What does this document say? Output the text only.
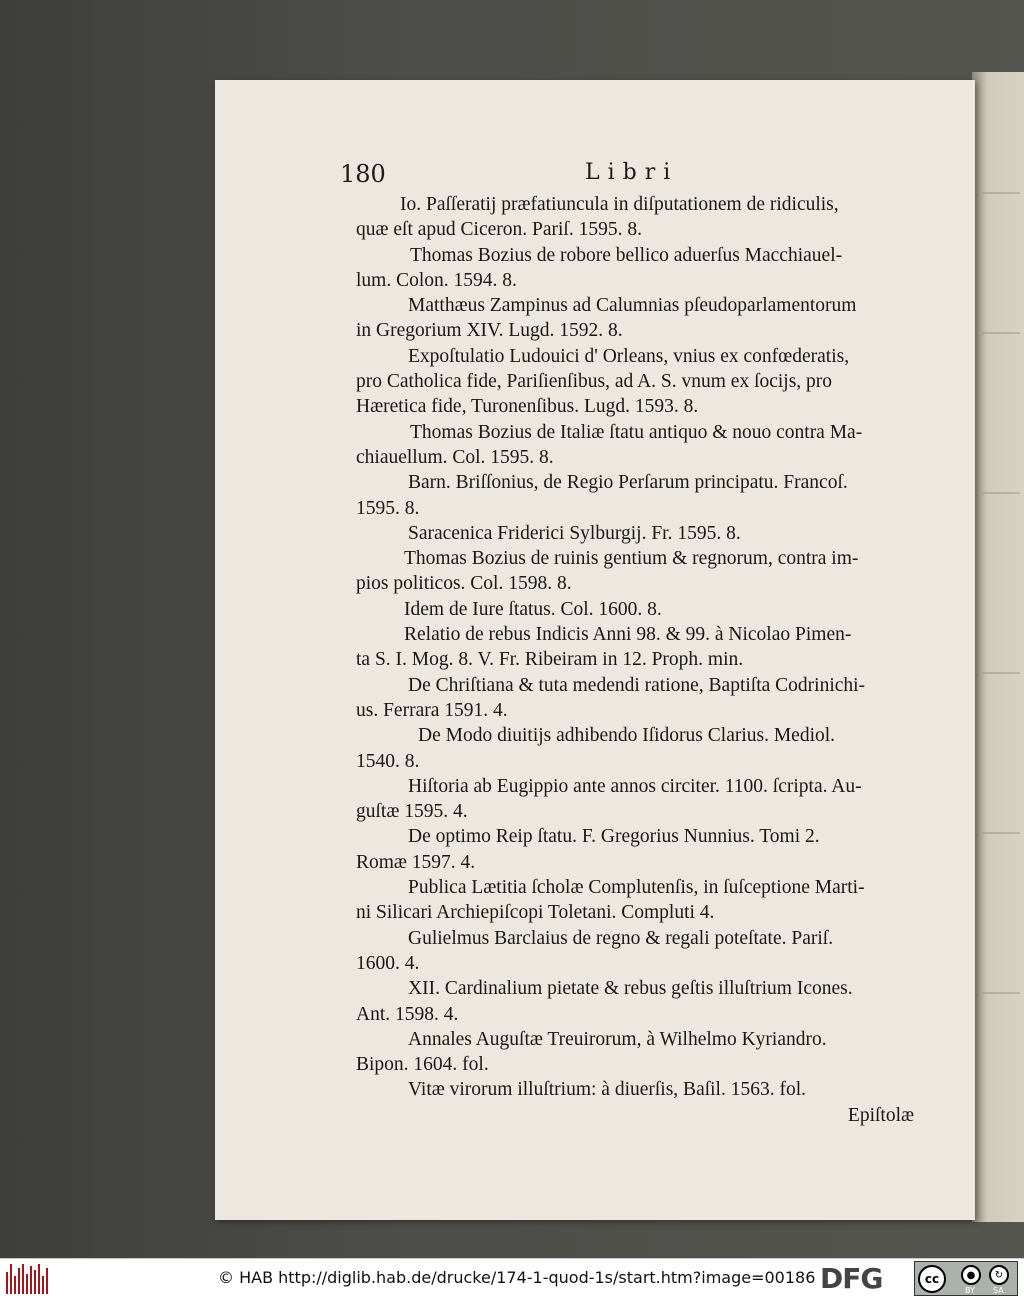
180	Libri
Io. Paſſeratij præfatiuncula in diſputationem de ridiculis,
quæ eſt apud Ciceron. Pariſ. 1595. 8.
Thomas Bozius de robore bellico aduerſus Macchiauel-
lum. Colon. 1594. 8.
Matthæus Zampinus ad Calumnias pſeudoparlamentorum
in Gregorium XIV. Lugd. 1592. 8.
Expoſtulatio Ludouici d' Orleans, vnius ex confœderatis,
pro Catholica fide, Pariſienſibus, ad A. S. vnum ex ſocijs, pro
Hæretica fide, Turonenſibus. Lugd. 1593. 8.
Thomas Bozius de Italiæ ſtatu antiquo & nouo contra Ma-
chiauellum. Col. 1595. 8.
Barn. Briſſonius, de Regio Perſarum principatu. Francoſ.
1595. 8.
Saracenica Friderici Sylburgij. Fr. 1595. 8.
Thomas Bozius de ruinis gentium & regnorum, contra im-
pios politicos. Col. 1598. 8.
Idem de Iure ſtatus. Col. 1600. 8.
Relatio de rebus Indicis Anni 98. & 99. à Nicolao Pimen-
ta S. I. Mog. 8. V. Fr. Ribeiram in 12. Proph. min.
De Chriſtiana & tuta medendi ratione, Baptiſta Codrinichi-
us. Ferrara 1591. 4.
De Modo diuitijs adhibendo Iſidorus Clarius. Mediol.
1540. 8.
Hiſtoria ab Eugippio ante annos circiter. 1100. ſcripta. Au-
guſtæ 1595. 4.
De optimo Reip ſtatu. F. Gregorius Nunnius. Tomi 2.
Romæ 1597. 4.
Publica Lætitia ſcholæ Complutenſis, in ſuſceptione Marti-
ni Silicari Archiepiſcopi Toletani. Compluti 4.
Gulielmus Barclaius de regno & regali poteſtate. Pariſ.
1600. 4.
XII. Cardinalium pietate & rebus geſtis illuſtrium Icones.
Ant. 1598. 4.
Annales Auguſtæ Treuirorum, à Wilhelmo Kyriandro.
Bipon. 1604. fol.
Vitæ virorum illuſtrium: à diuerſis, Baſil. 1563. fol.
Epiſtolæ
© HAB http://diglib.hab.de/drucke/174-1-quod-1s/start.htm?image=00186 DFG	cc	●	↻
BY SA
